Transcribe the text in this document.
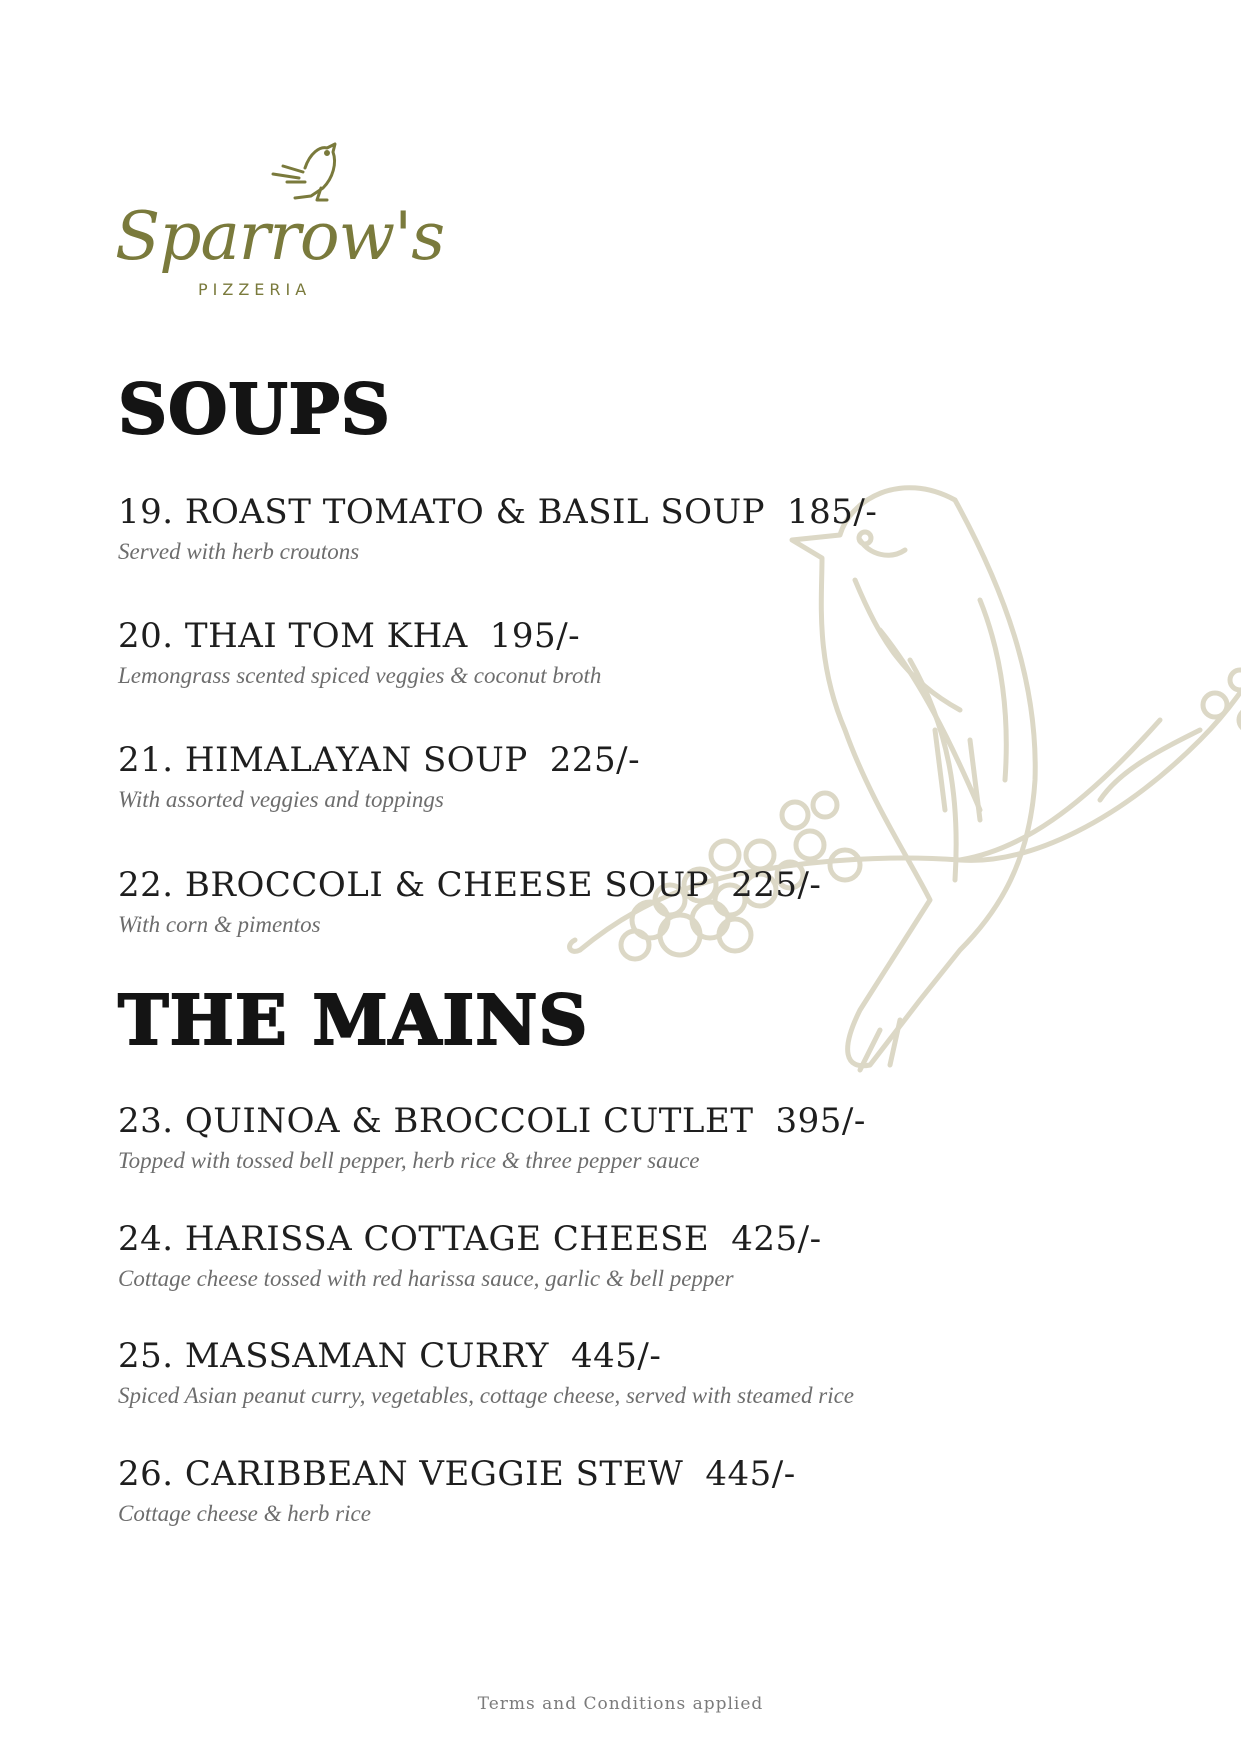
Sparrow's
PIZZERIA
SOUPS
19. ROAST TOMATO & BASIL SOUP 185/-
Served with herb croutons
20. THAI TOM KHA 195/-
Lemongrass scented spiced veggies & coconut broth
21. HIMALAYAN SOUP 225/-
With assorted veggies and toppings
22. BROCCOLI & CHEESE SOUP 225/-
With corn & pimentos
THE MAINS
23. QUINOA & BROCCOLI CUTLET 395/-
Topped with tossed bell pepper, herb rice & three pepper sauce
24. HARISSA COTTAGE CHEESE 425/-
Cottage cheese tossed with red harissa sauce, garlic & bell pepper
25. MASSAMAN CURRY 445/-
Spiced Asian peanut curry, vegetables, cottage cheese, served with steamed rice
26. CARIBBEAN VEGGIE STEW 445/-
Cottage cheese & herb rice
Terms and Conditions applied
